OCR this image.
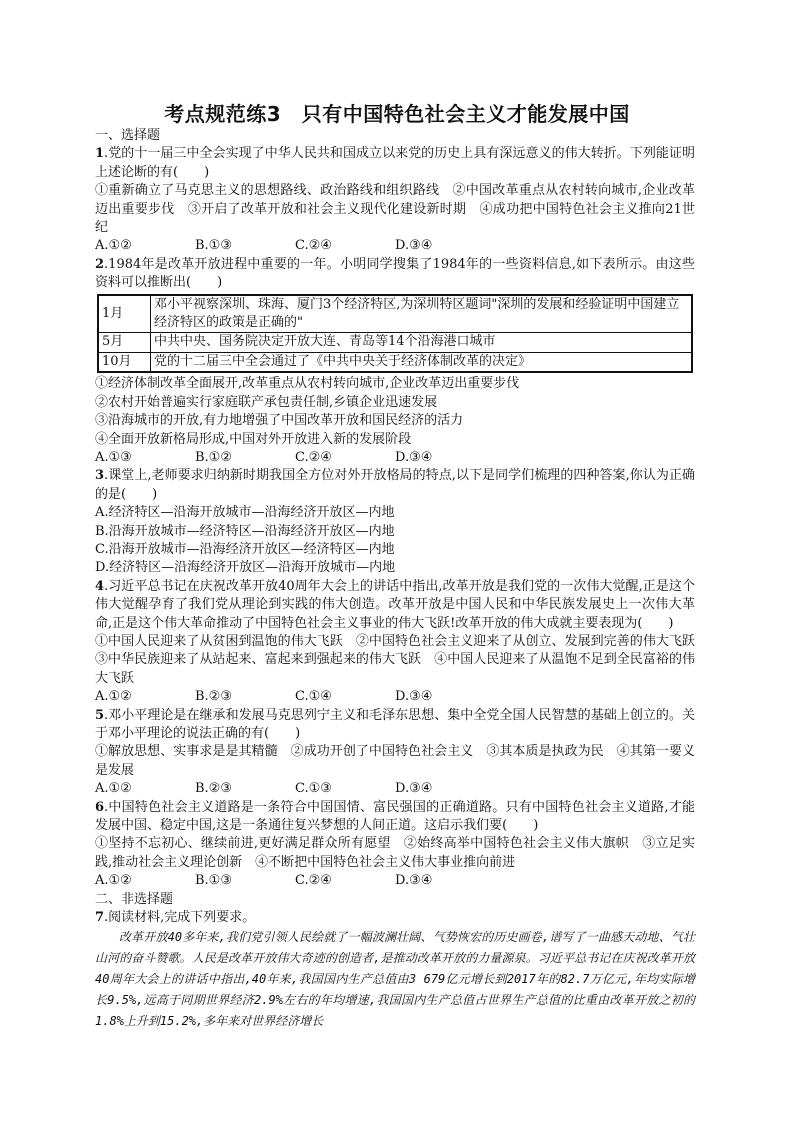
考点规范练3　只有中国特色社会主义才能发展中国

一、选择题

1.党的十一届三中全会实现了中华人民共和国成立以来党的历史上具有深远意义的伟大转折。下列能证明上述论断的有(　　)

①重新确立了马克思主义的思想路线、政治路线和组织路线　②中国改革重点从农村转向城市,企业改革迈出重要步伐　③开启了改革开放和社会主义现代化建设新时期　④成功把中国特色社会主义推向21世纪

A.①②	B.①③	C.②④	D.③④

2.1984年是改革开放进程中重要的一年。小明同学搜集了1984年的一些资料信息,如下表所示。由这些资料可以推断出(　　)

1月	邓小平视察深圳、珠海、厦门3个经济特区,为深圳特区题词"深圳的发展和经验证明中国建立经济特区的政策是正确的"
5月	中共中央、国务院决定开放大连、青岛等14个沿海港口城市
10月	党的十二届三中全会通过了《中共中央关于经济体制改革的决定》

①经济体制改革全面展开,改革重点从农村转向城市,企业改革迈出重要步伐

②农村开始普遍实行家庭联产承包责任制,乡镇企业迅速发展

③沿海城市的开放,有力地增强了中国改革开放和国民经济的活力

④全面开放新格局形成,中国对外开放进入新的发展阶段

A.①③	B.①②	C.②④	D.③④

3.课堂上,老师要求归纳新时期我国全方位对外开放格局的特点,以下是同学们梳理的四种答案,你认为正确的是(　　)

A.经济特区—沿海开放城市—沿海经济开放区—内地

B.沿海开放城市—经济特区—沿海经济开放区—内地

C.沿海开放城市—沿海经济开放区—经济特区—内地

D.经济特区—沿海经济开放区—沿海开放城市—内地

4.习近平总书记在庆祝改革开放40周年大会上的讲话中指出,改革开放是我们党的一次伟大觉醒,正是这个伟大觉醒孕育了我们党从理论到实践的伟大创造。改革开放是中国人民和中华民族发展史上一次伟大革命,正是这个伟大革命推动了中国特色社会主义事业的伟大飞跃!改革开放的伟大成就主要表现为(　　)

①中国人民迎来了从贫困到温饱的伟大飞跃　②中国特色社会主义迎来了从创立、发展到完善的伟大飞跃　③中华民族迎来了从站起来、富起来到强起来的伟大飞跃　④中国人民迎来了从温饱不足到全民富裕的伟大飞跃

A.①②	B.②③	C.①④	D.③④

5.邓小平理论是在继承和发展马克思列宁主义和毛泽东思想、集中全党全国人民智慧的基础上创立的。关于邓小平理论的说法正确的有(　　)

①解放思想、实事求是是其精髓　②成功开创了中国特色社会主义　③其本质是执政为民　④其第一要义是发展

A.①②	B.②③	C.①③	D.③④

6.中国特色社会主义道路是一条符合中国国情、富民强国的正确道路。只有中国特色社会主义道路,才能发展中国、稳定中国,这是一条通往复兴梦想的人间正道。这启示我们要(　　)

①坚持不忘初心、继续前进,更好满足群众所有愿望　②始终高举中国特色社会主义伟大旗帜　③立足实践,推动社会主义理论创新　④不断把中国特色社会主义伟大事业推向前进

A.①②	B.①③	C.②④	D.③④

二、非选择题

7.阅读材料,完成下列要求。

改革开放40多年来,我们党引领人民绘就了一幅波澜壮阔、气势恢宏的历史画卷,谱写了一曲感天动地、气壮山河的奋斗赞歌。人民是改革开放伟大奇迹的创造者,是推动改革开放的力量源泉。习近平总书记在庆祝改革开放40周年大会上的讲话中指出,40年来,我国国内生产总值由3 679亿元增长到2017年的82.7万亿元,年均实际增长9.5%,远高于同期世界经济2.9%左右的年均增速,我国国内生产总值占世界生产总值的比重由改革开放之初的1.8%上升到15.2%,多年来对世界经济增长
